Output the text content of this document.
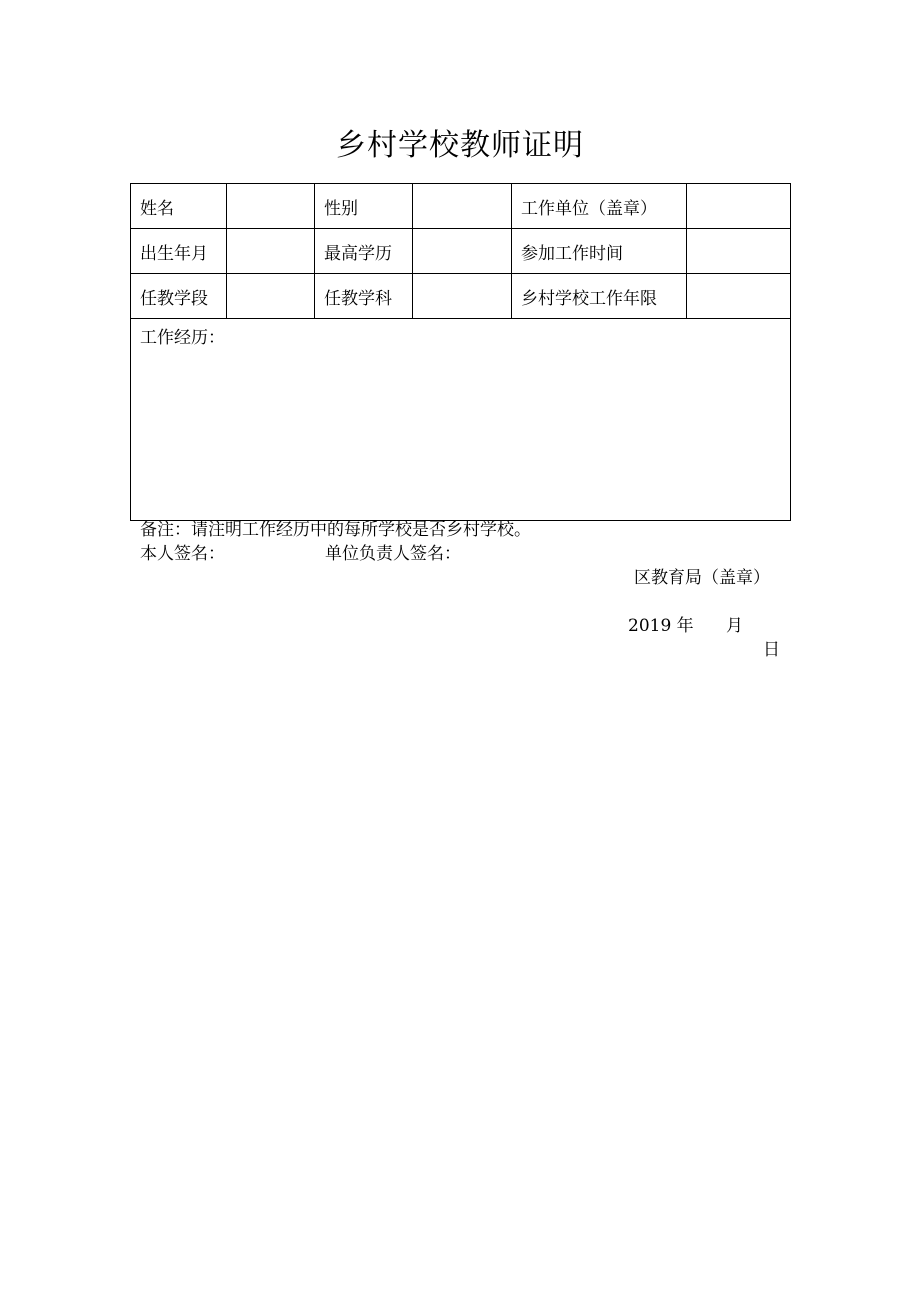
乡村学校教师证明
姓名		性别		工作单位（盖章）	
出生年月		最高学历		参加工作时间	
任教学段		任教学科		乡村学校工作年限	
工作经历：					
备注：请注明工作经历中的每所学校是否乡村学校。
本人签名：	单位负责人签名：
区教育局（盖章）
2019 年 月
日
